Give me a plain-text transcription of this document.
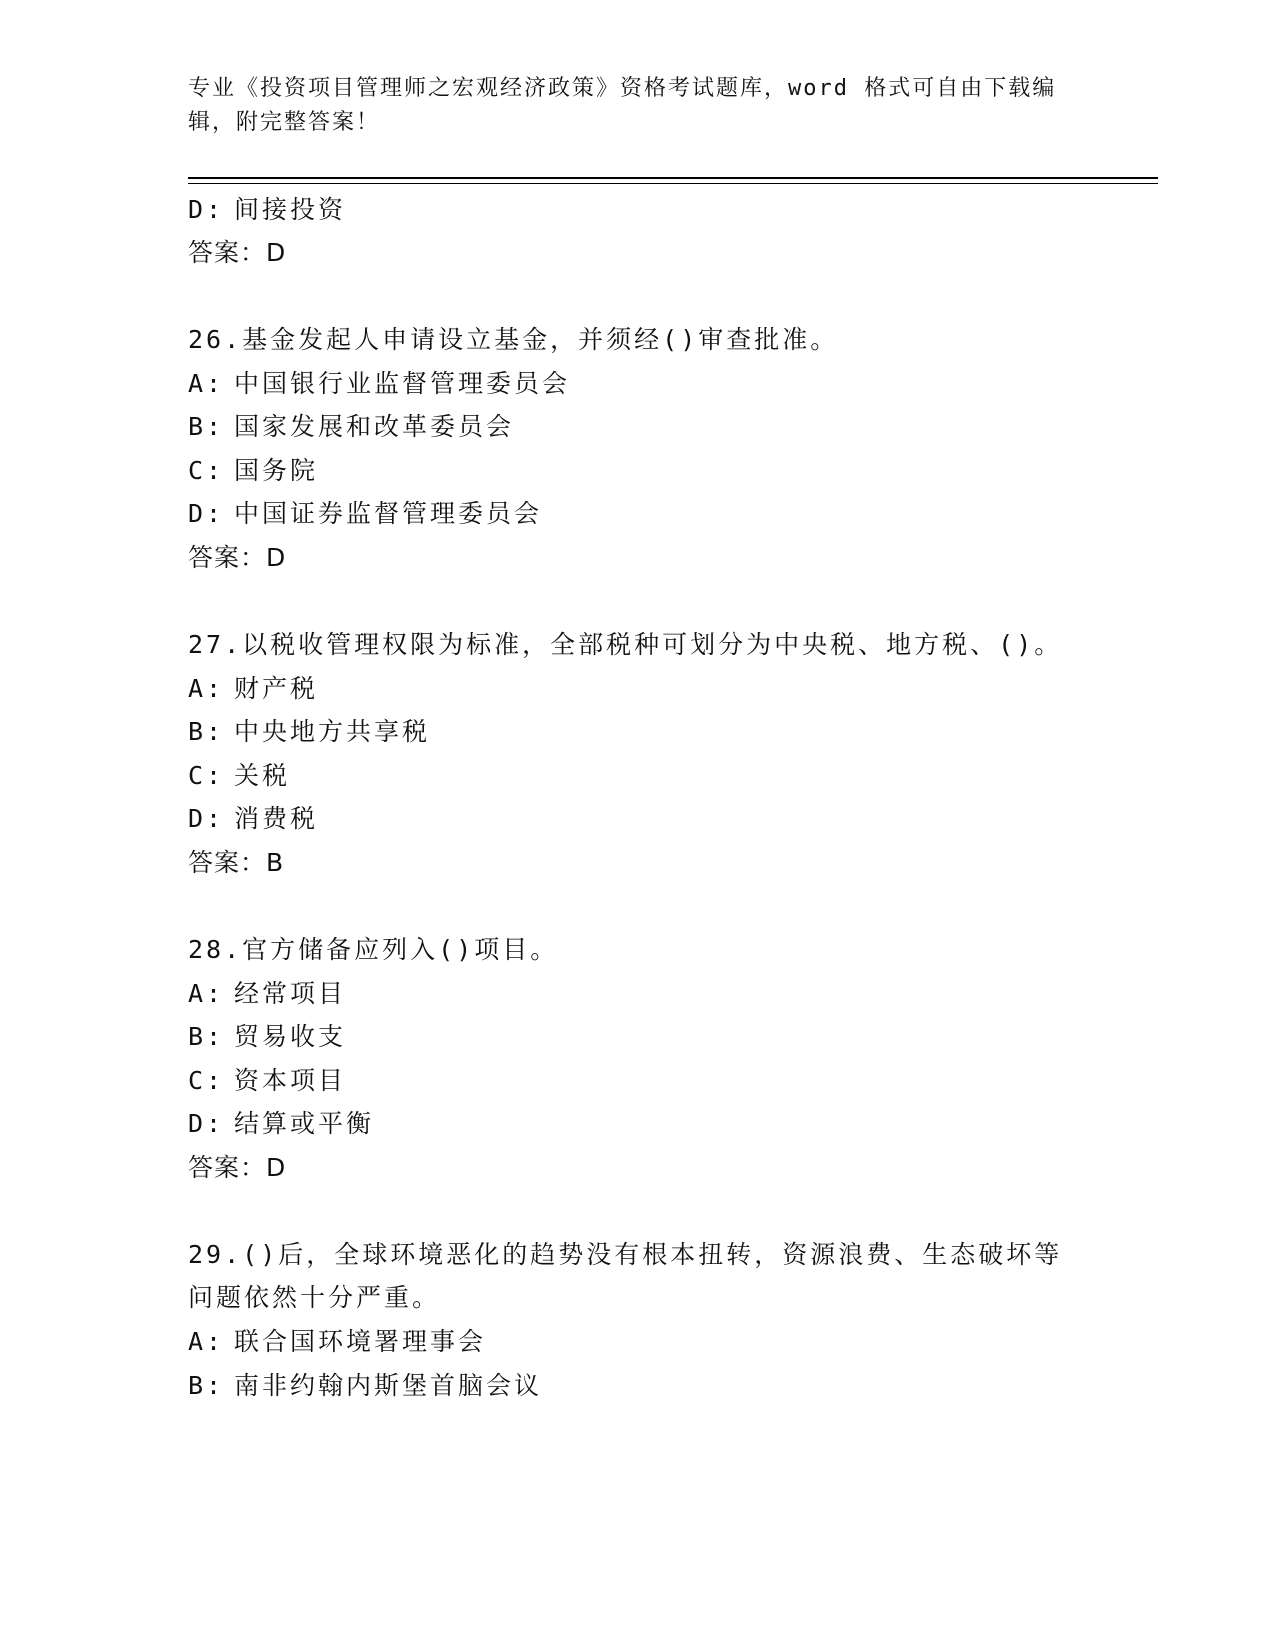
专业《投资项目管理师之宏观经济政策》资格考试题库，word 格式可自由下载编
辑，附完整答案！
D: 间接投资
答案：D
26.基金发起人申请设立基金，并须经()审查批准。
A: 中国银行业监督管理委员会
B: 国家发展和改革委员会
C: 国务院
D: 中国证券监督管理委员会
答案：D
27.以税收管理权限为标准，全部税种可划分为中央税、地方税、()。
A: 财产税
B: 中央地方共享税
C: 关税
D: 消费税
答案：B
28.官方储备应列入()项目。
A: 经常项目
B: 贸易收支
C: 资本项目
D: 结算或平衡
答案：D
29.()后，全球环境恶化的趋势没有根本扭转，资源浪费、生态破坏等
问题依然十分严重。
A: 联合国环境署理事会
B: 南非约翰内斯堡首脑会议
